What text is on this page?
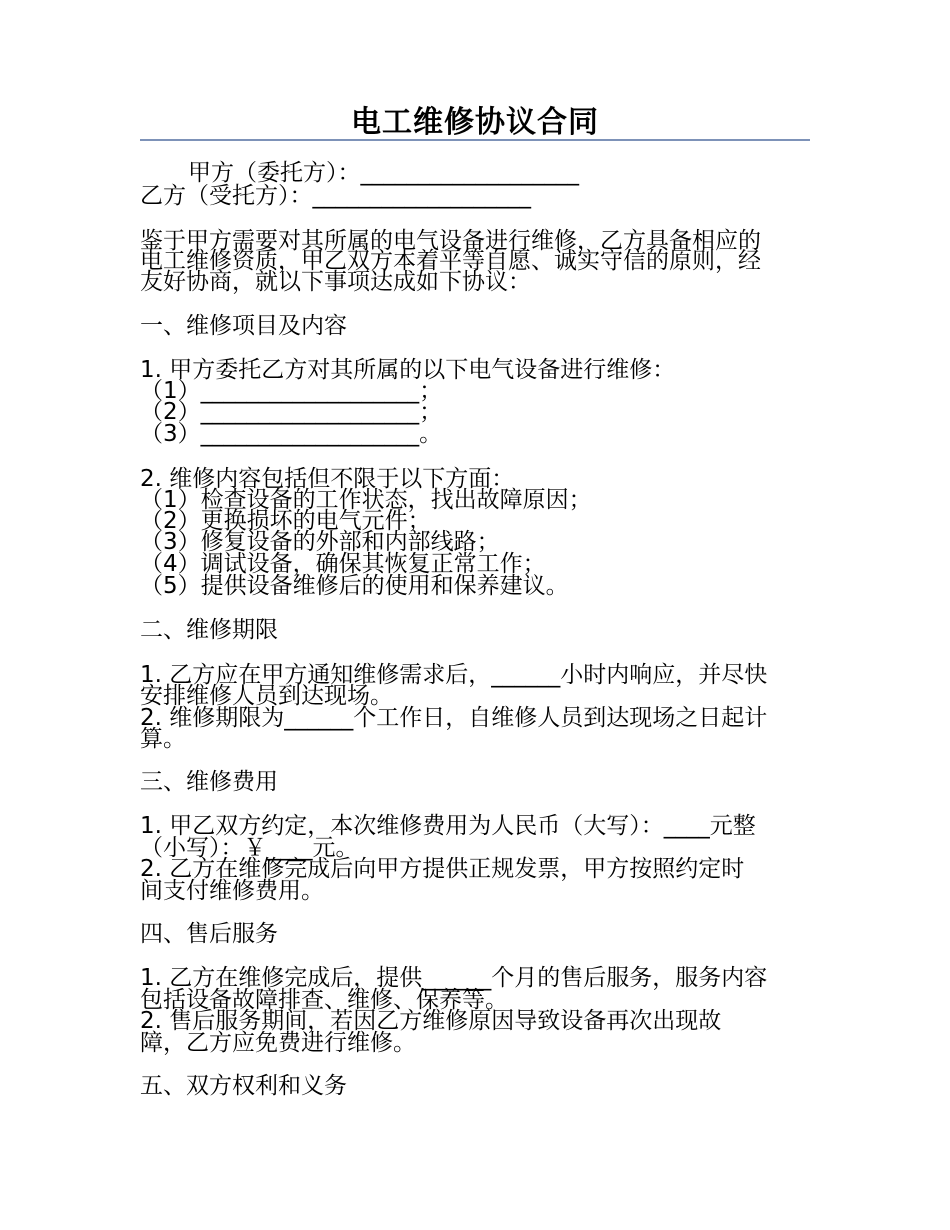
电工维修协议合同
甲方（委托方）：___________________
乙方（受托方）：___________________
鉴于甲方需要对其所属的电气设备进行维修，乙方具备相应的
电工维修资质，甲乙双方本着平等自愿、诚实守信的原则，经
友好协商，就以下事项达成如下协议：
一、维修项目及内容
1. 甲方委托乙方对其所属的以下电气设备进行维修：
（1）___________________；
（2）___________________；
（3）___________________。
2. 维修内容包括但不限于以下方面：
（1）检查设备的工作状态，找出故障原因；
（2）更换损坏的电气元件；
（3）修复设备的外部和内部线路；
（4）调试设备，确保其恢复正常工作；
（5）提供设备维修后的使用和保养建议。
二、维修期限
1. 乙方应在甲方通知维修需求后，______小时内响应，并尽快
安排维修人员到达现场。
2. 维修期限为______个工作日，自维修人员到达现场之日起计
算。
三、维修费用
1. 甲乙双方约定，本次维修费用为人民币（大写）：____元整
（小写）：￥____元。
2. 乙方在维修完成后向甲方提供正规发票，甲方按照约定时
间支付维修费用。
四、售后服务
1. 乙方在维修完成后，提供______个月的售后服务，服务内容
包括设备故障排查、维修、保养等。
2. 售后服务期间，若因乙方维修原因导致设备再次出现故
障，乙方应免费进行维修。
五、双方权利和义务
